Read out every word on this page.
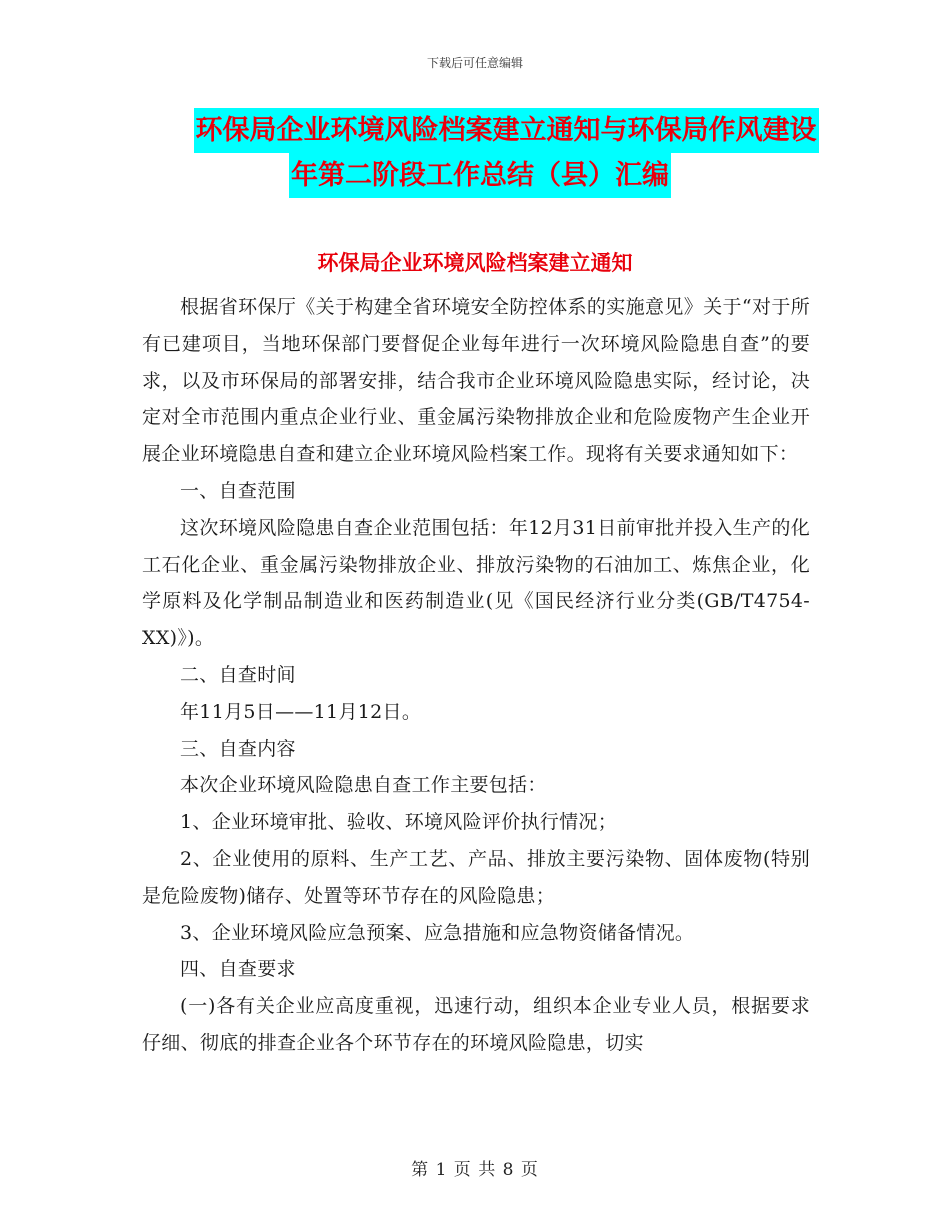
下载后可任意编辑
环保局企业环境风险档案建立通知与环保局作风建设
年第二阶段工作总结（县）汇编
环保局企业环境风险档案建立通知

根据省环保厅《关于构建全省环境安全防控体系的实施意见》关于“对于所有已建项目，当地环保部门要督促企业每年进行一次环境风险隐患自查”的要求，以及市环保局的部署安排，结合我市企业环境风险隐患实际，经讨论，决定对全市范围内重点企业行业、重金属污染物排放企业和危险废物产生企业开展企业环境隐患自查和建立企业环境风险档案工作。现将有关要求通知如下：

一、自查范围

这次环境风险隐患自查企业范围包括：年12月31日前审批并投入生产的化工石化企业、重金属污染物排放企业、排放污染物的石油加工、炼焦企业，化学原料及化学制品制造业和医药制造业(见《国民经济行业分类(GB/T4754-XX)》)。

二、自查时间

年11月5日——11月12日。

三、自查内容

本次企业环境风险隐患自查工作主要包括：

1、企业环境审批、验收、环境风险评价执行情况；

2、企业使用的原料、生产工艺、产品、排放主要污染物、固体废物(特别是危险废物)储存、处置等环节存在的风险隐患；

3、企业环境风险应急预案、应急措施和应急物资储备情况。

四、自查要求

(一)各有关企业应高度重视，迅速行动，组织本企业专业人员，根据要求仔细、彻底的排查企业各个环节存在的环境风险隐患，切实

第 1 页 共 8 页
